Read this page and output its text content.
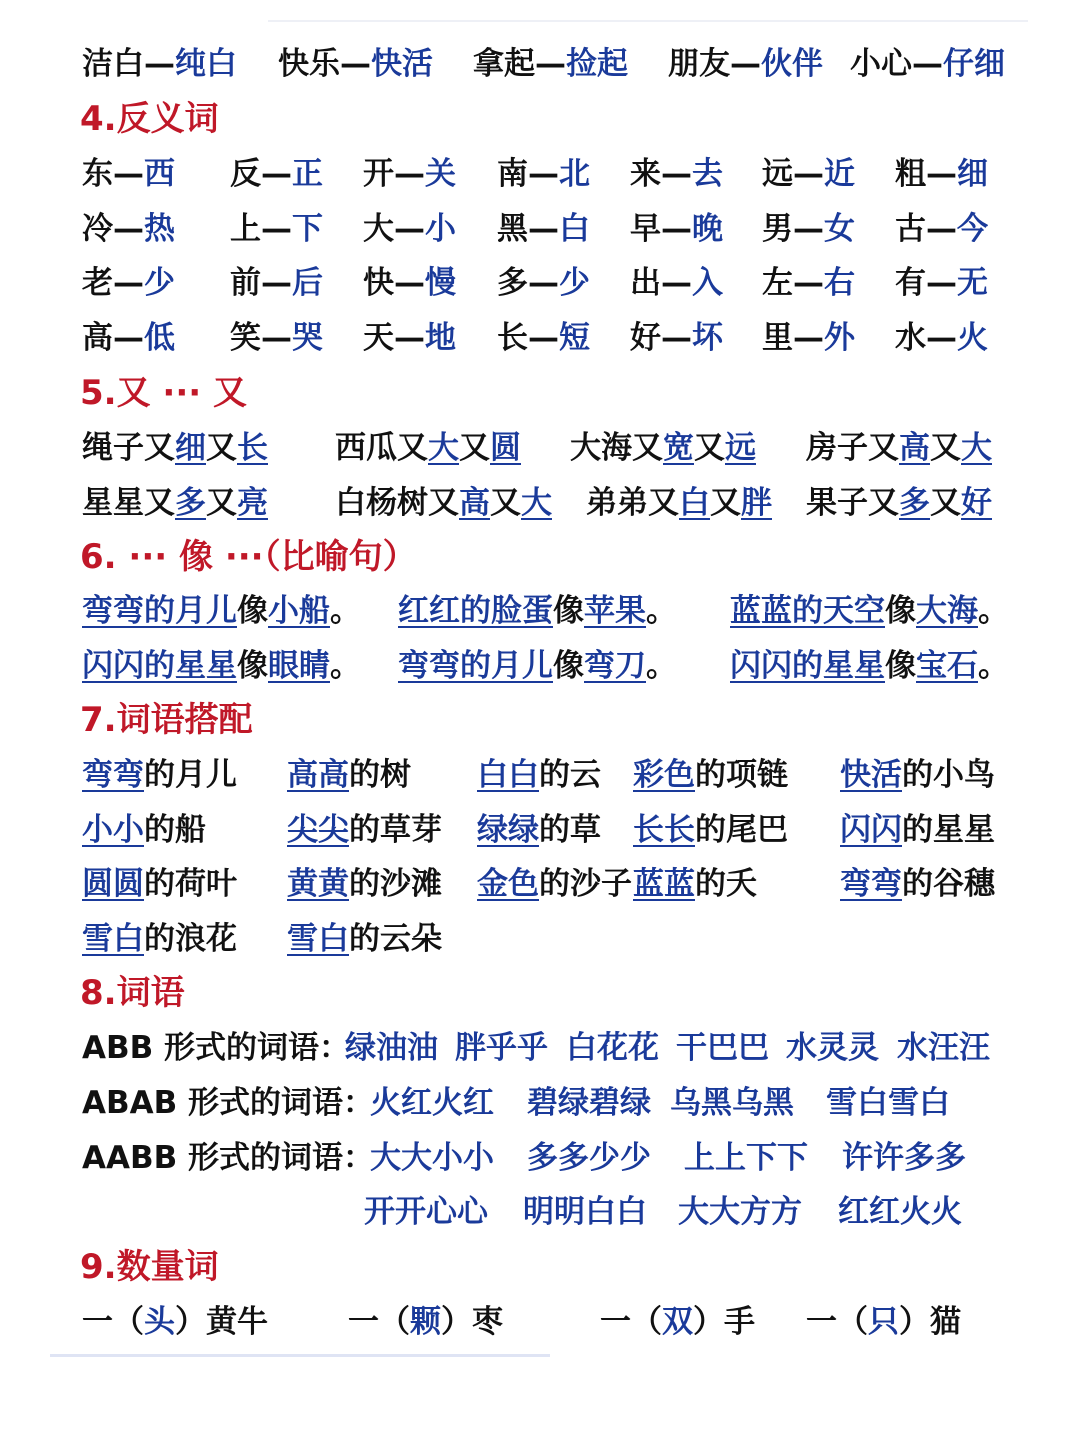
洁白—纯白 快乐—快活 拿起—捡起 朋友—伙伴 小心—仔细
4.反义词
5.又 ··· 又
6. ··· 像 ···（比喻句）
7.词语搭配
8.词语
9.数量词
东—西 反—正 开—关 南—北 来—去 远—近 粗—细
冷—热 上—下 大—小 黑—白 早—晚 男—女 古—今
老—少 前—后 快—慢 多—少 出—入 左—右 有—无
高—低 笑—哭 天—地 长—短 好—坏 里—外 水—火
绳子又细又长 西瓜又大又圆 大海又宽又远 房子又高又大
星星又多又亮 白杨树又高又大 弟弟又白又胖 果子又多又好
弯弯的月儿像小船。 红红的脸蛋像苹果。 蓝蓝的天空像大海。
闪闪的星星像眼睛。 弯弯的月儿像弯刀。 闪闪的星星像宝石。
弯弯的月儿 高高的树 白白的云 彩色的项链 快活的小鸟
小小的船	尖尖的草芽 绿绿的草 长长的尾巴 闪闪的星星
圆圆的荷叶 黄黄的沙滩 金色的沙子 蓝蓝的夭	弯弯的谷穗
雪白的浪花 雪白的云朵
ABB 形式的词语：
绿油油 胖乎乎 白花花 干巴巴 水灵灵 水汪汪
ABAB 形式的词语：
火红火红 碧绿碧绿 乌黑乌黑 雪白雪白
AABB 形式的词语：
大大小小 多多少少 上上下下 许许多多
开开心心 明明白白 大大方方 红红火火
一（头）黄牛	一（颗）枣	一（双）手 一（只）猫
